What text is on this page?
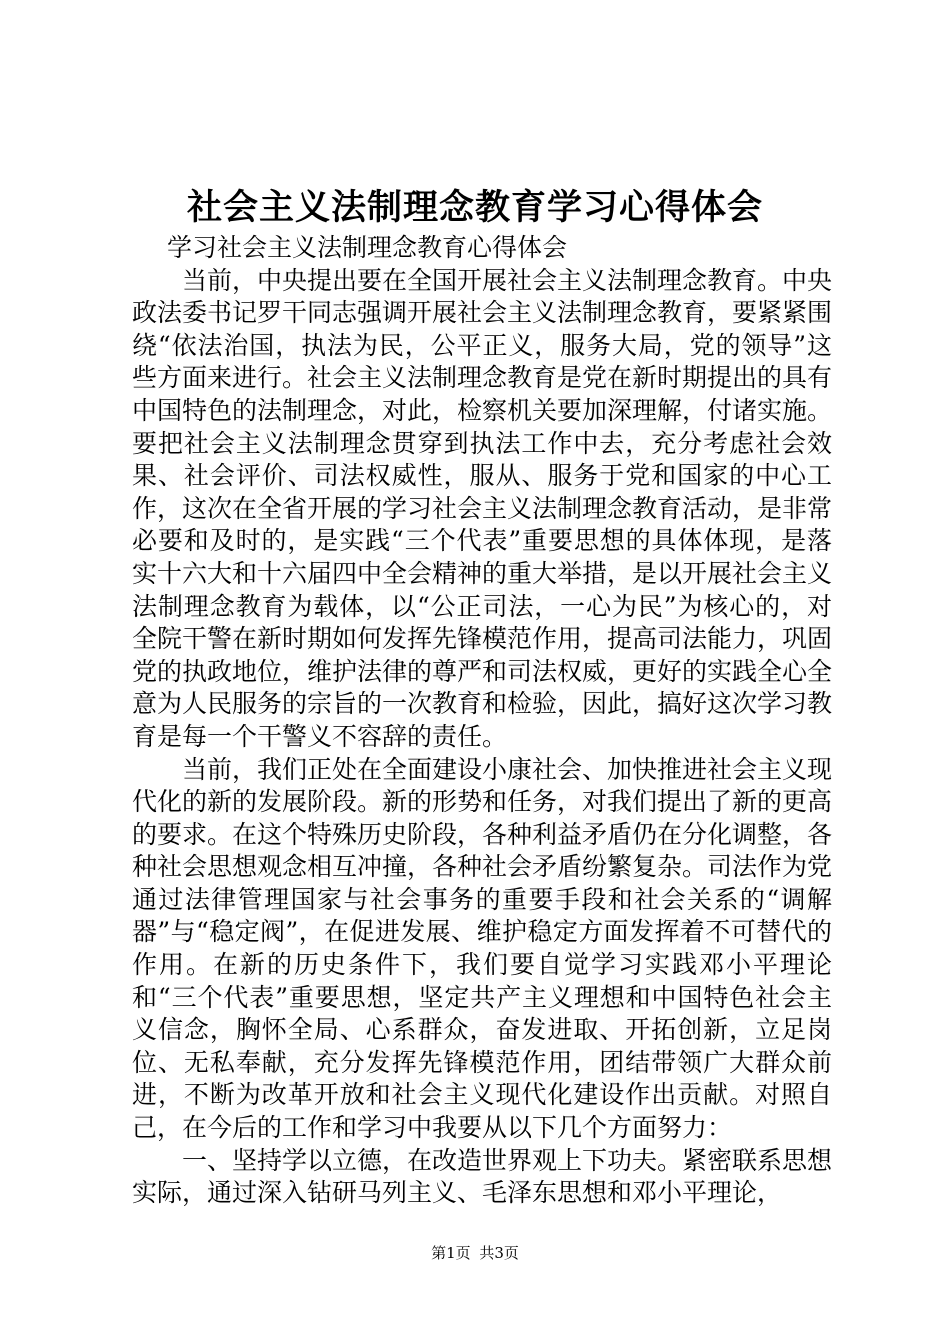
社会主义法制理念教育学习心得体会

学习社会主义法制理念教育心得体会

当前，中央提出要在全国开展社会主义法制理念教育。中央政法委书记罗干同志强调开展社会主义法制理念教育，要紧紧围绕“依法治国，执法为民，公平正义，服务大局，党的领导”这些方面来进行。社会主义法制理念教育是党在新时期提出的具有中国特色的法制理念，对此，检察机关要加深理解，付诸实施。要把社会主义法制理念贯穿到执法工作中去，充分考虑社会效果、社会评价、司法权威性，服从、服务于党和国家的中心工作，这次在全省开展的学习社会主义法制理念教育活动，是非常必要和及时的，是实践“三个代表”重要思想的具体体现，是落实十六大和十六届四中全会精神的重大举措，是以开展社会主义法制理念教育为载体，以“公正司法，一心为民”为核心的，对全院干警在新时期如何发挥先锋模范作用，提高司法能力，巩固党的执政地位，维护法律的尊严和司法权威，更好的实践全心全意为人民服务的宗旨的一次教育和检验，因此，搞好这次学习教育是每一个干警义不容辞的责任。

当前，我们正处在全面建设小康社会、加快推进社会主义现代化的新的发展阶段。新的形势和任务，对我们提出了新的更高的要求。在这个特殊历史阶段，各种利益矛盾仍在分化调整，各种社会思想观念相互冲撞，各种社会矛盾纷繁复杂。司法作为党通过法律管理国家与社会事务的重要手段和社会关系的“调解器”与“稳定阀”，在促进发展、维护稳定方面发挥着不可替代的作用。在新的历史条件下，我们要自觉学习实践邓小平理论和“三个代表”重要思想，坚定共产主义理想和中国特色社会主义信念，胸怀全局、心系群众，奋发进取、开拓创新，立足岗位、无私奉献，充分发挥先锋模范作用，团结带领广大群众前进，不断为改革开放和社会主义现代化建设作出贡献。对照自己，在今后的工作和学习中我要从以下几个方面努力：

一、坚持学以立德，在改造世界观上下功夫。紧密联系思想实际，通过深入钻研马列主义、毛泽东思想和邓小平理论，

第1页 共3页
